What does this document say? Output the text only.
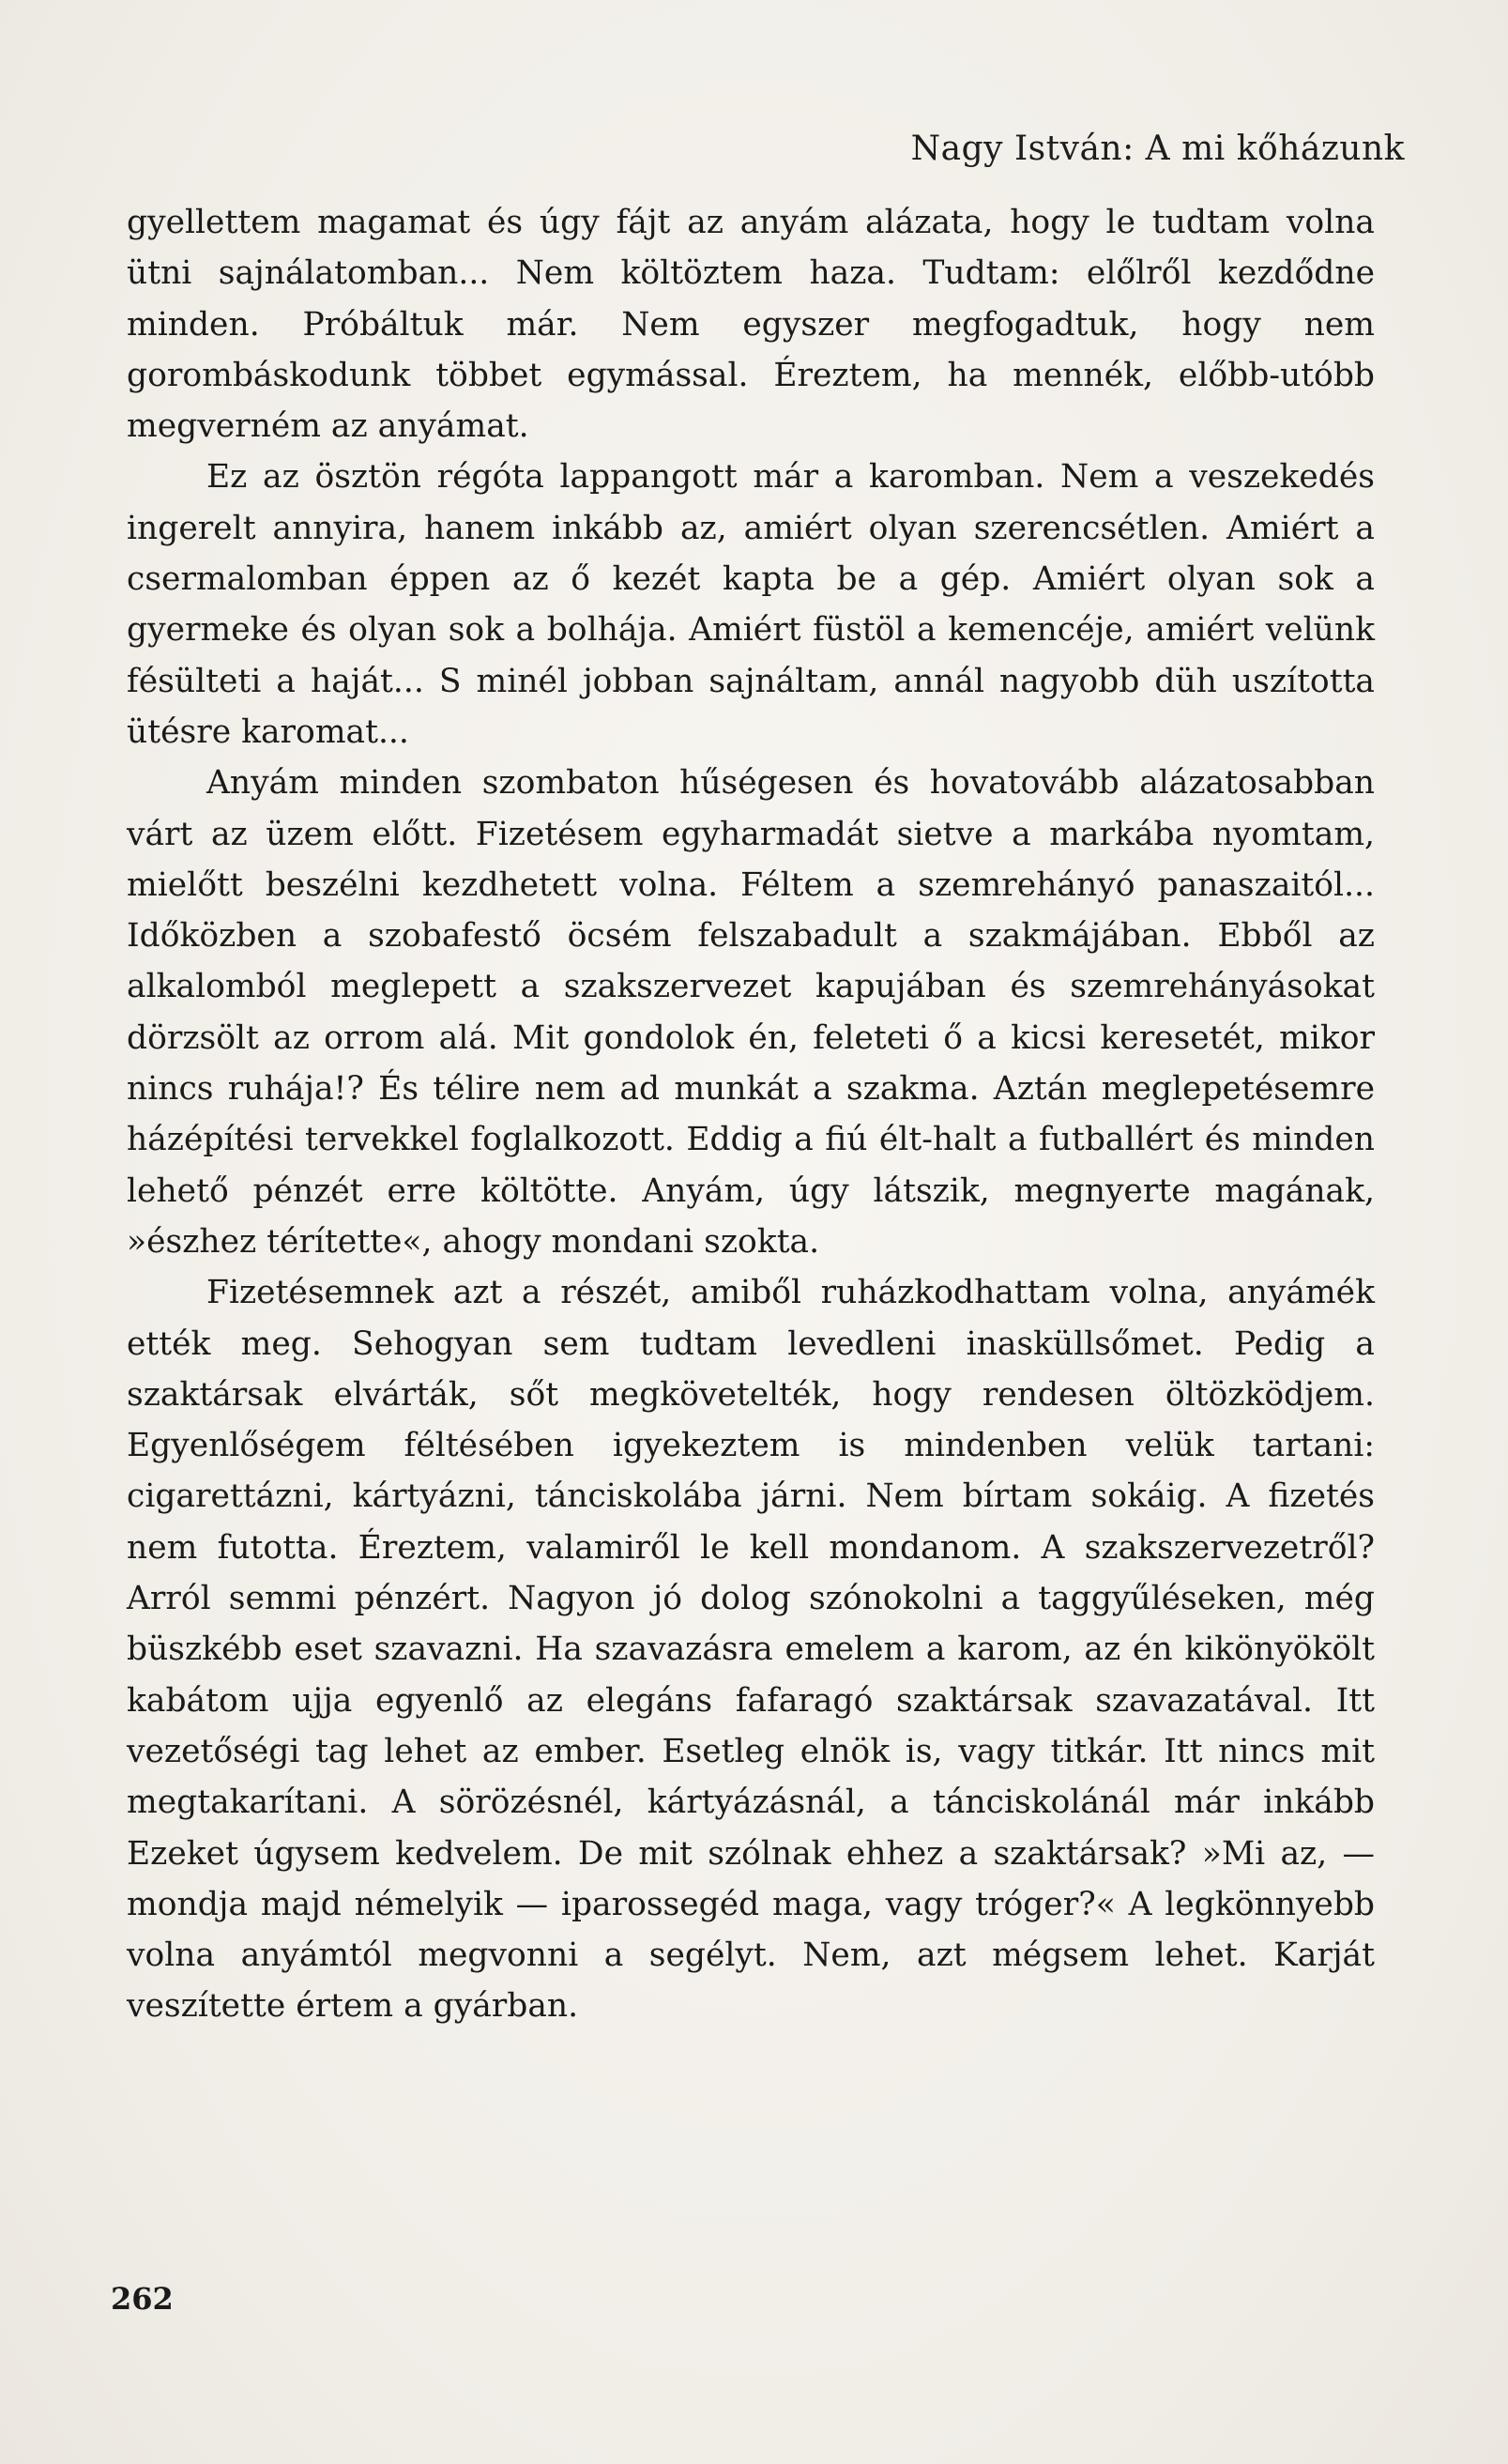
Nagy István: A mi kőházunk

gyellettem magamat és úgy fájt az anyám alázata, hogy le tudtam volna ütni sajnálatomban... Nem költöztem haza. Tudtam: előlről kezdődne minden. Próbáltuk már. Nem egyszer megfogadtuk, hogy nem gorombáskodunk többet egymással. Éreztem, ha mennék, előbb-utóbb megverném az anyámat.

Ez az ösztön régóta lappangott már a karomban. Nem a veszekedés ingerelt annyira, hanem inkább az, amiért olyan szerencsétlen. Amiért a csermalomban éppen az ő kezét kapta be a gép. Amiért olyan sok a gyermeke és olyan sok a bolhája. Amiért füstöl a kemencéje, amiért velünk fésülteti a haját... S minél jobban sajnáltam, annál nagyobb düh uszította ütésre karomat...

Anyám minden szombaton hűségesen és hovatovább alázatosabban várt az üzem előtt. Fizetésem egyharmadát sietve a markába nyomtam, mielőtt beszélni kezdhetett volna. Féltem a szemrehányó panaszaitól... Időközben a szobafestő öcsém felszabadult a szakmájában. Ebből az alkalomból meglepett a szakszervezet kapujában és szemrehányásokat dörzsölt az orrom alá. Mit gondolok én, feleteti ő a kicsi keresetét, mikor nincs ruhája!? És télire nem ad munkát a szakma. Aztán meglepetésemre házépítési tervekkel foglalkozott. Eddig a fiú élt-halt a futballért és minden lehető pénzét erre költötte. Anyám, úgy látszik, megnyerte magának, »észhez térítette«, ahogy mondani szokta.

Fizetésemnek azt a részét, amiből ruházkodhattam volna, anyámék ették meg. Sehogyan sem tudtam levedleni inasküllsőmet. Pedig a szaktársak elvárták, sőt megkövetelték, hogy rendesen öltözködjem. Egyenlőségem féltésében igyekeztem is mindenben velük tartani: cigarettázni, kártyázni, tánciskolába járni. Nem bírtam sokáig. A fizetés nem futotta. Éreztem, valamiről le kell mondanom. A szakszervezetről? Arról semmi pénzért. Nagyon jó dolog szónokolni a taggyűléseken, még büszkébb eset szavazni. Ha szavazásra emelem a karom, az én kikönyökölt kabátom ujja egyenlő az elegáns fafaragó szaktársak szavazatával. Itt vezetőségi tag lehet az ember. Esetleg elnök is, vagy titkár. Itt nincs mit megtakarítani. A sörözésnél, kártyázásnál, a tánciskolánál már inkább Ezeket úgysem kedvelem. De mit szólnak ehhez a szaktársak? »Mi az, — mondja majd némelyik — iparossegéd maga, vagy tróger?« A legkönnyebb volna anyámtól megvonni a segélyt. Nem, azt mégsem lehet. Karját veszítette értem a gyárban.

262
